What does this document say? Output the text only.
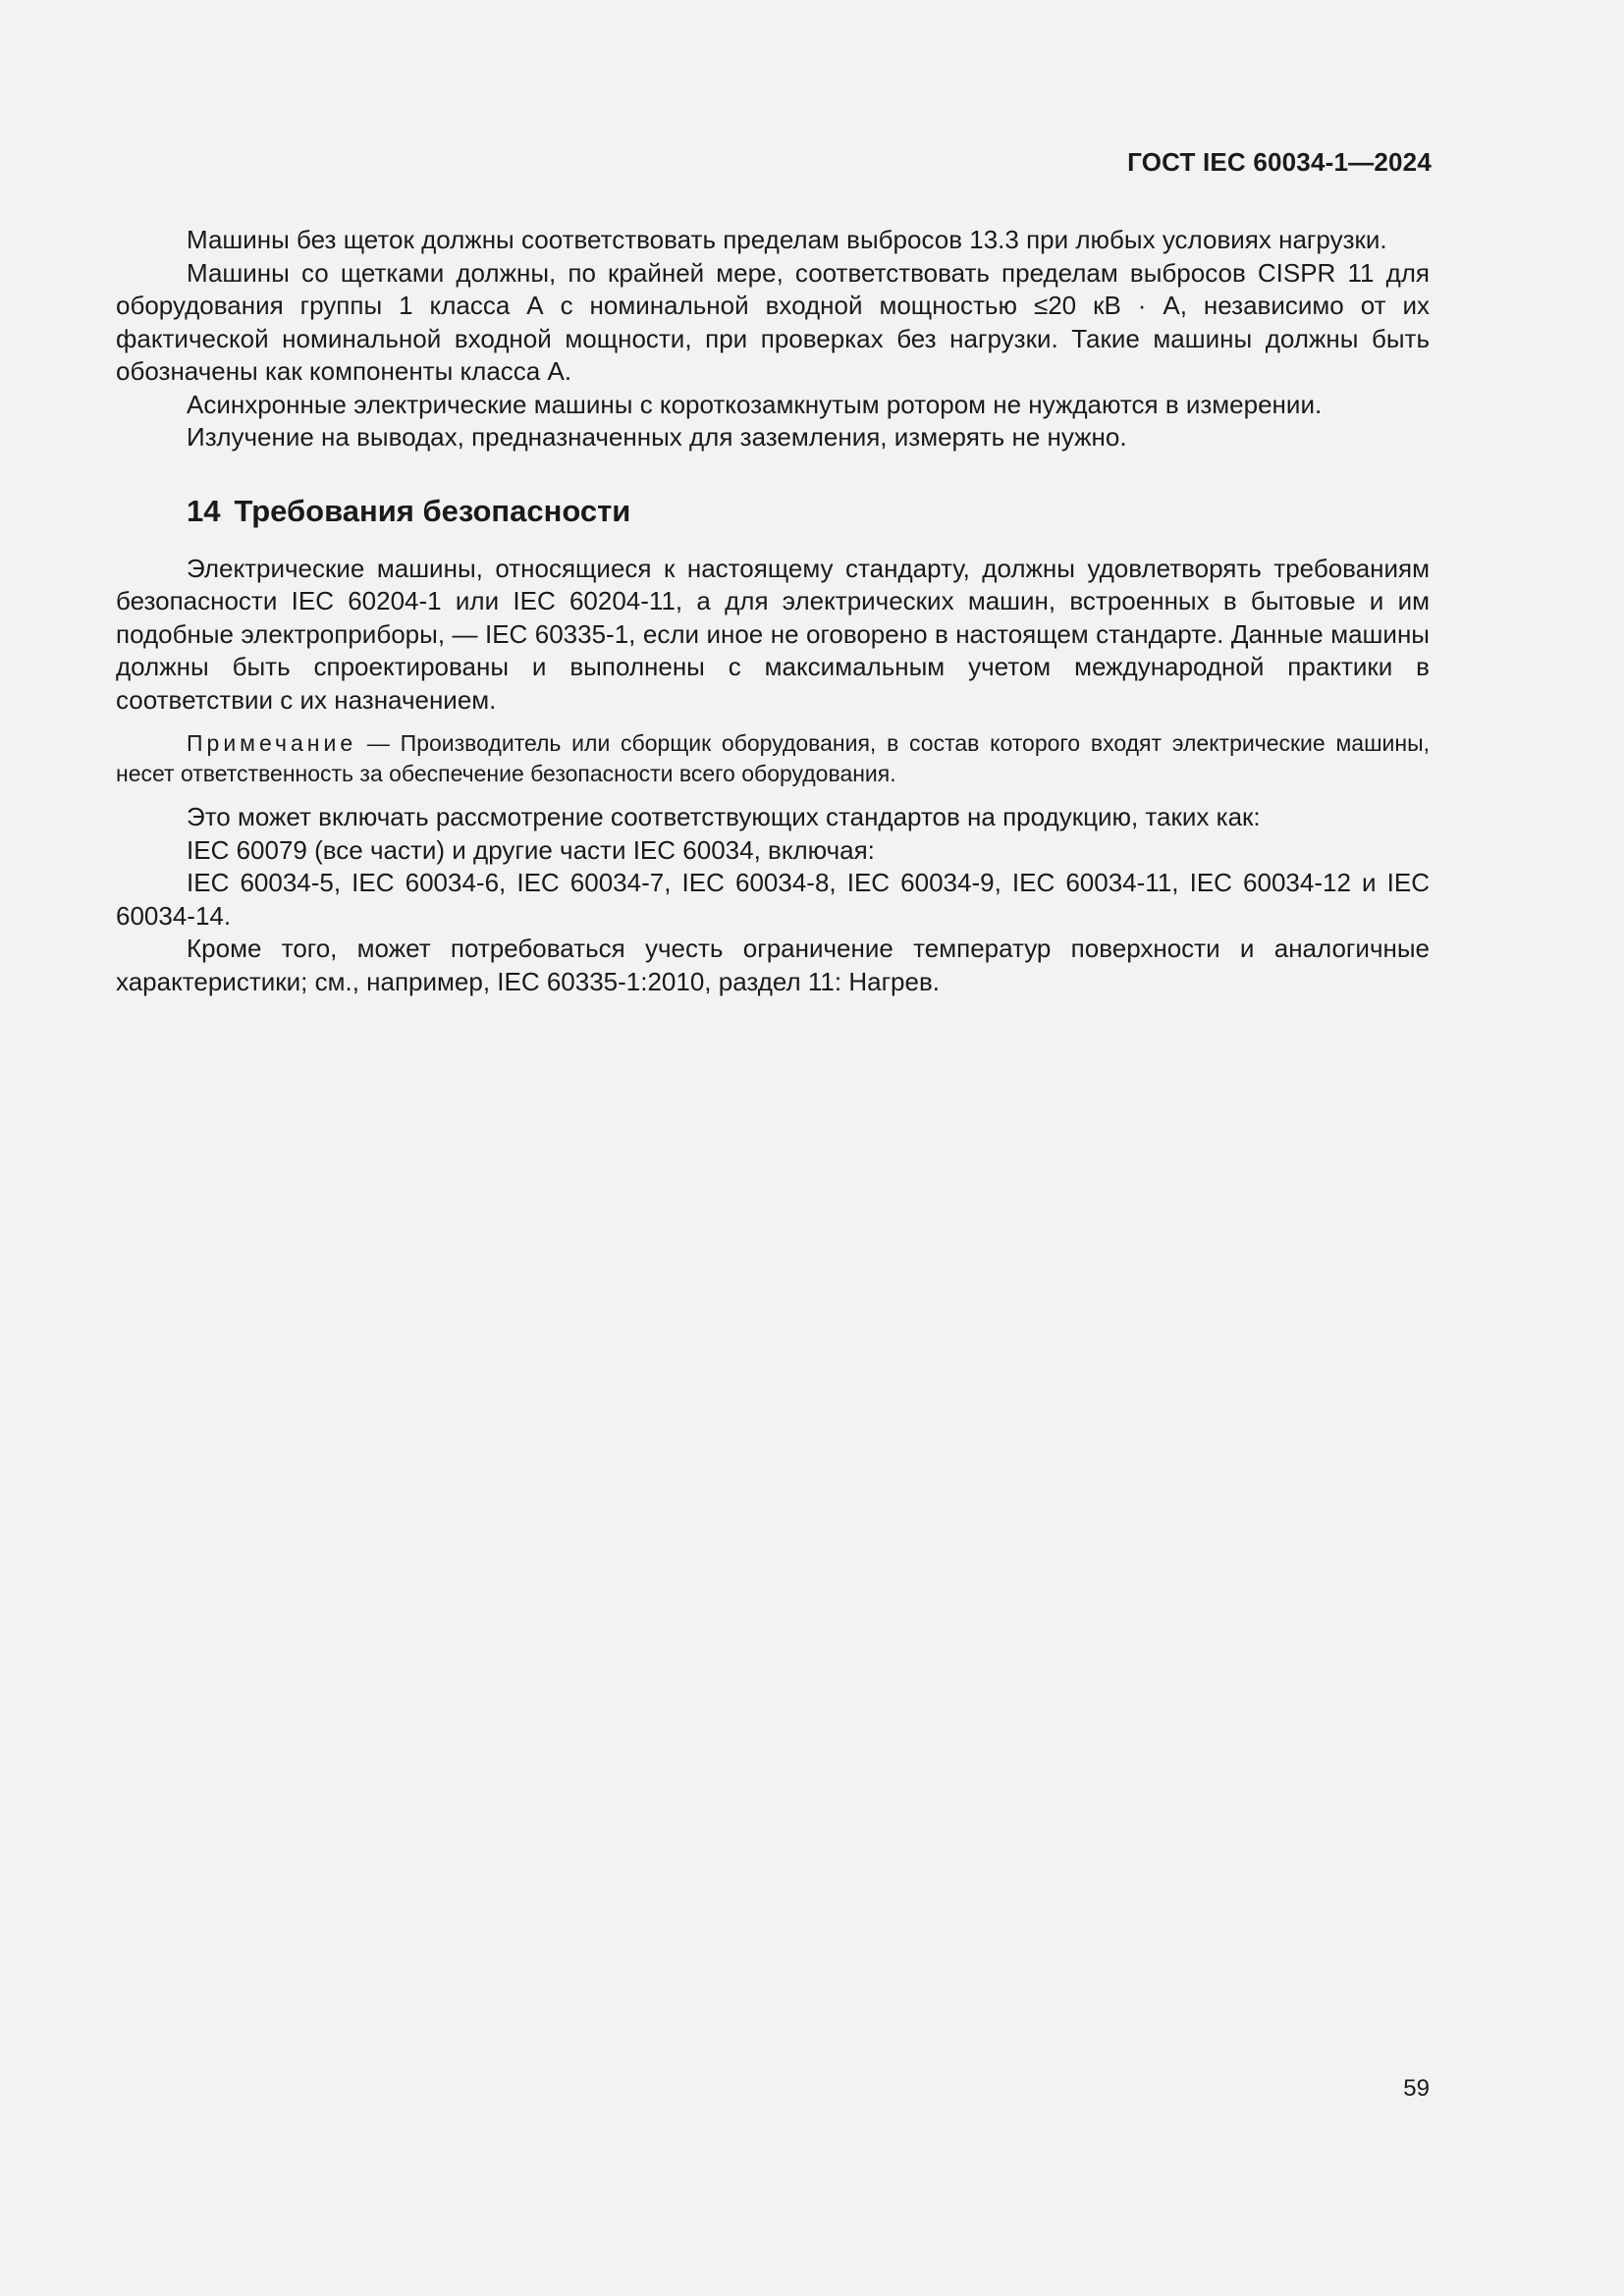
ГОСТ IEC 60034-1—2024

Машины без щеток должны соответствовать пределам выбросов 13.3 при любых условиях нагрузки.

Машины со щетками должны, по крайней мере, соответствовать пределам выбросов CISPR 11 для оборудования группы 1 класса А с номинальной входной мощностью ≤20 кВ · А, независимо от их фактической номинальной входной мощности, при проверках без нагрузки. Такие машины должны быть обозначены как компоненты класса А.

Асинхронные электрические машины с короткозамкнутым ротором не нуждаются в измерении.

Излучение на выводах, предназначенных для заземления, измерять не нужно.

14 Требования безопасности

Электрические машины, относящиеся к настоящему стандарту, должны удовлетворять требованиям безопасности IEC 60204-1 или IEC 60204-11, а для электрических машин, встроенных в бытовые и им подобные электроприборы, — IEC 60335-1, если иное не оговорено в настоящем стандарте. Данные машины должны быть спроектированы и выполнены с максимальным учетом международной практики в соответствии с их назначением.

Примечание — Производитель или сборщик оборудования, в состав которого входят электрические машины, несет ответственность за обеспечение безопасности всего оборудования.

Это может включать рассмотрение соответствующих стандартов на продукцию, таких как:

IEC 60079 (все части) и другие части IEC 60034, включая:

IEC 60034-5, IEC 60034-6, IEC 60034-7, IEC 60034-8, IEC 60034-9, IEC 60034-11, IEC 60034-12 и IEC 60034-14.

Кроме того, может потребоваться учесть ограничение температур поверхности и аналогичные характеристики; см., например, IEC 60335-1:2010, раздел 11: Нагрев.

59
